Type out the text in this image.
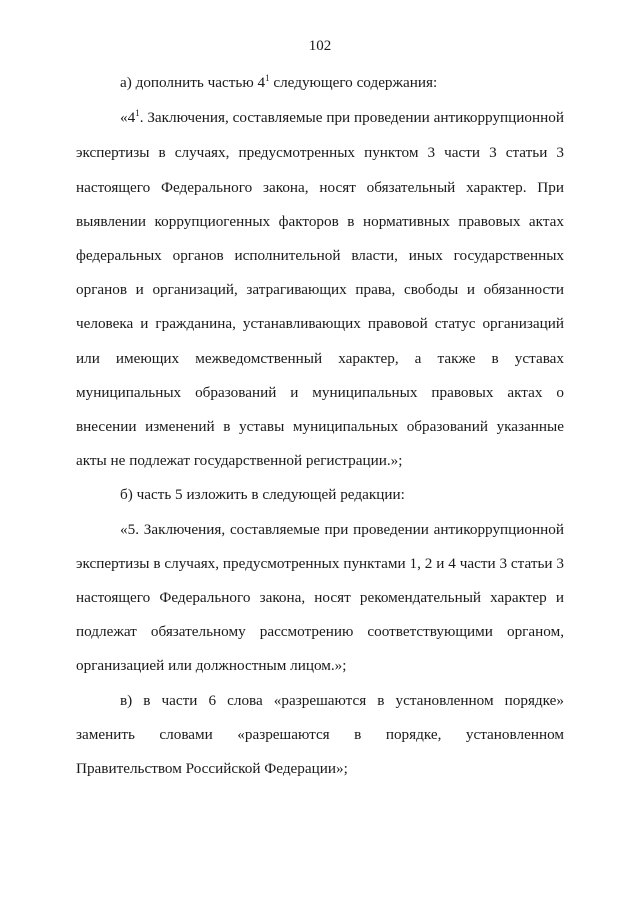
102

а) дополнить частью $4^1$ следующего содержания:

«$4^1$. Заключения, составляемые при проведении антикоррупционной экспертизы в случаях, предусмотренных пунктом 3 части 3 статьи 3 настоящего Федерального закона, носят обязательный характер. При выявлении коррупциогенных факторов в нормативных правовых актах федеральных органов исполнительной власти, иных государственных органов и организаций, затрагивающих права, свободы и обязанности человека и гражданина, устанавливающих правовой статус организаций или имеющих межведомственный характер, а также в уставах муниципальных образований и муниципальных правовых актах о внесении изменений в уставы муниципальных образований указанные акты не подлежат государственной регистрации.»;

б) часть 5 изложить в следующей редакции:

«5. Заключения, составляемые при проведении антикоррупционной экспертизы в случаях, предусмотренных пунктами 1, 2 и 4 части 3 статьи 3 настоящего Федерального закона, носят рекомендательный характер и подлежат обязательному рассмотрению соответствующими органом, организацией или должностным лицом.»;

в) в части 6 слова «разрешаются в установленном порядке» заменить словами «разрешаются в порядке, установленном Правительством Российской Федерации»;
